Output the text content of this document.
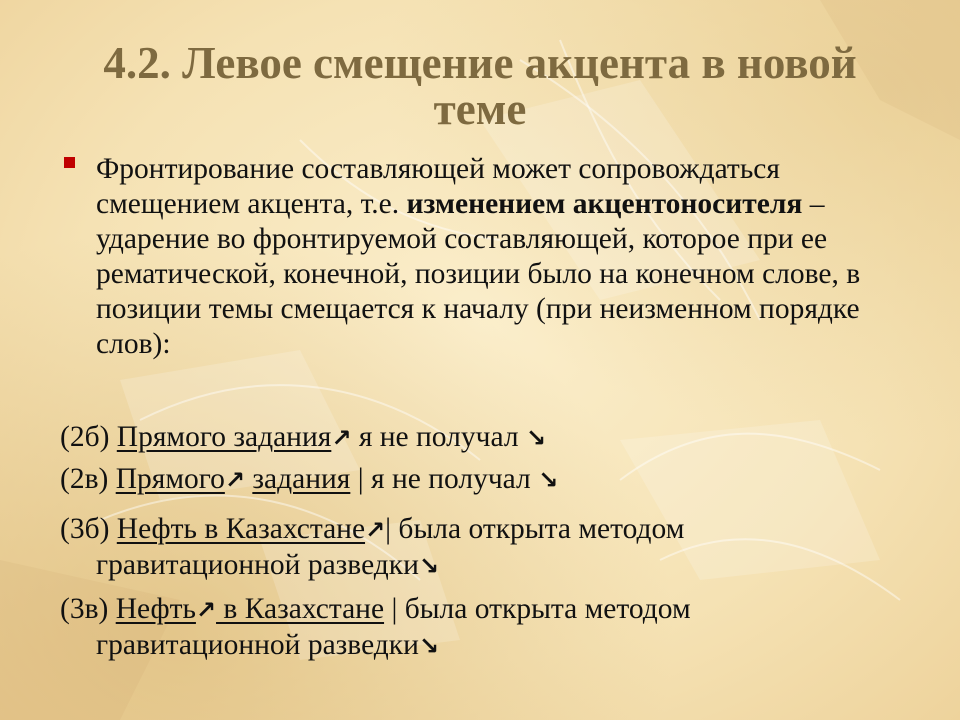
4.2. Левое смещение акцента в новой
теме
Фронтирование составляющей может сопровождаться смещением акцента, т.е. изменением акцентоносителя – ударение во фронтируемой составляющей, которое при ее рематической, конечной, позиции было на конечном слове, в позиции темы смещается к началу (при неизменном порядке слов):
(2б) Прямого задания↗ я не получал ↘
(2в) Прямого↗ задания | я не получал ↘
(3б) Нефть в Казахстане↗| была открыта методом
гравитационной разведки↘
(3в) Нефть↗ в Казахстане | была открыта методом
гравитационной разведки↘
